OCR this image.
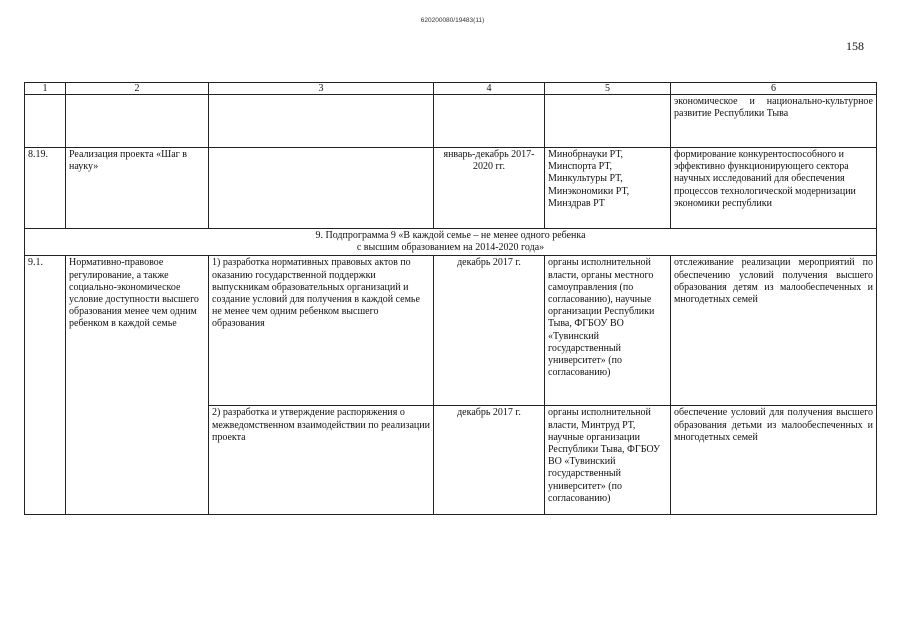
620200080/19483(11)
158
1	2	3	4	5	6
					экономическое и национально-культурное развитие Республики Тыва
8.19.	Реализация проекта «Шаг в науку»		январь-декабрь 2017-2020 гг.	Минобрнауки РТ, Минспорта РТ, Минкультуры РТ, Минэкономики РТ, Минздрав РТ	формирование конкурентоспособного и эффективно функционирующего сектора научных исследований для обеспечения процессов технологической модернизации экономики республики

9. Подпрограмма 9 «В каждой семье – не менее одного ребенка
с высшим образованием на 2014-2020 года»					

9.1.	Нормативно-правовое регулирование, а также социально-экономическое условие доступности высшего образования менее чем одним ребенком в каждой семье	1) разработка нормативных правовых актов по оказанию государственной поддержки выпускникам образовательных организаций и создание условий для получения в каждой семье не менее чем одним ребенком высшего образования	декабрь 2017 г.	органы исполнительной власти, органы местного самоуправления (по согласованию), научные организации Республики Тыва, ФГБОУ ВО «Тувинский государственный университет» (по согласованию)	отслеживание реализации мероприятий по обеспечению условий получения высшего образования детям из малообеспеченных и многодетных семей
		2) разработка и утверждение распоряжения о межведомственном взаимодействии по реализации проекта	декабрь 2017 г.	органы исполнительной власти, Минтруд РТ, научные организации Республики Тыва, ФГБОУ ВО «Тувинский государственный университет» (по согласованию)	обеспечение условий для получения высшего образования детьми из малообеспеченных и многодетных семей
